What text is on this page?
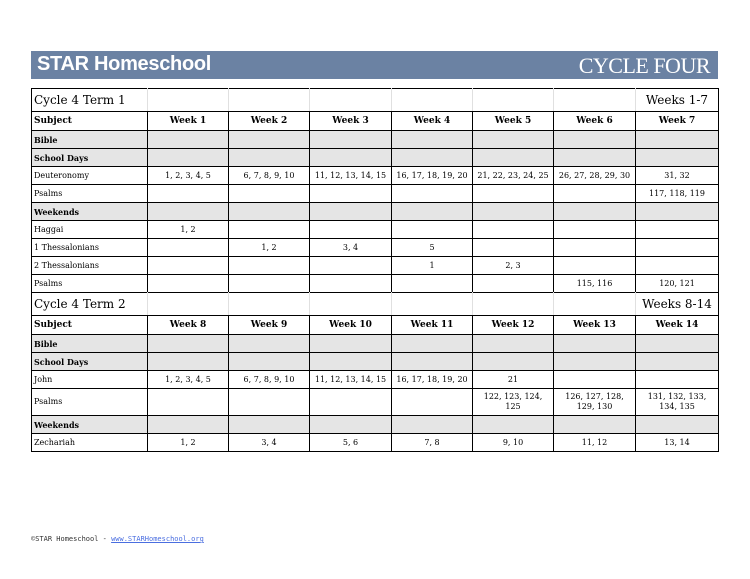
STAR Homeschool	CYCLE FOUR
Cycle 4 Term 1							Weeks 1-7
Subject	Week 1	Week 2	Week 3	Week 4	Week 5	Week 6	Week 7
Bible							
School Days							
Deuteronomy	1, 2, 3, 4, 5	6, 7, 8, 9, 10	11, 12, 13, 14, 15	16, 17, 18, 19, 20	21, 22, 23, 24, 25	26, 27, 28, 29, 30	31, 32
Psalms							117, 118, 119
Weekends							
Haggai	1, 2						
1 Thessalonians		1, 2	3, 4	5			
2 Thessalonians				1	2, 3		
Psalms						115, 116	120, 121
Cycle 4 Term 2							Weeks 8-14
Subject	Week 8	Week 9	Week 10	Week 11	Week 12	Week 13	Week 14
Bible							
School Days							
John	1, 2, 3, 4, 5	6, 7, 8, 9, 10	11, 12, 13, 14, 15	16, 17, 18, 19, 20	21		
Psalms					122, 123, 124, 125	126, 127, 128, 129, 130	131, 132, 133, 134, 135
Weekends							
Zechariah	1, 2	3, 4	5, 6	7, 8	9, 10	11, 12	13, 14
©STAR Homeschool - www.STARHomeschool.org
